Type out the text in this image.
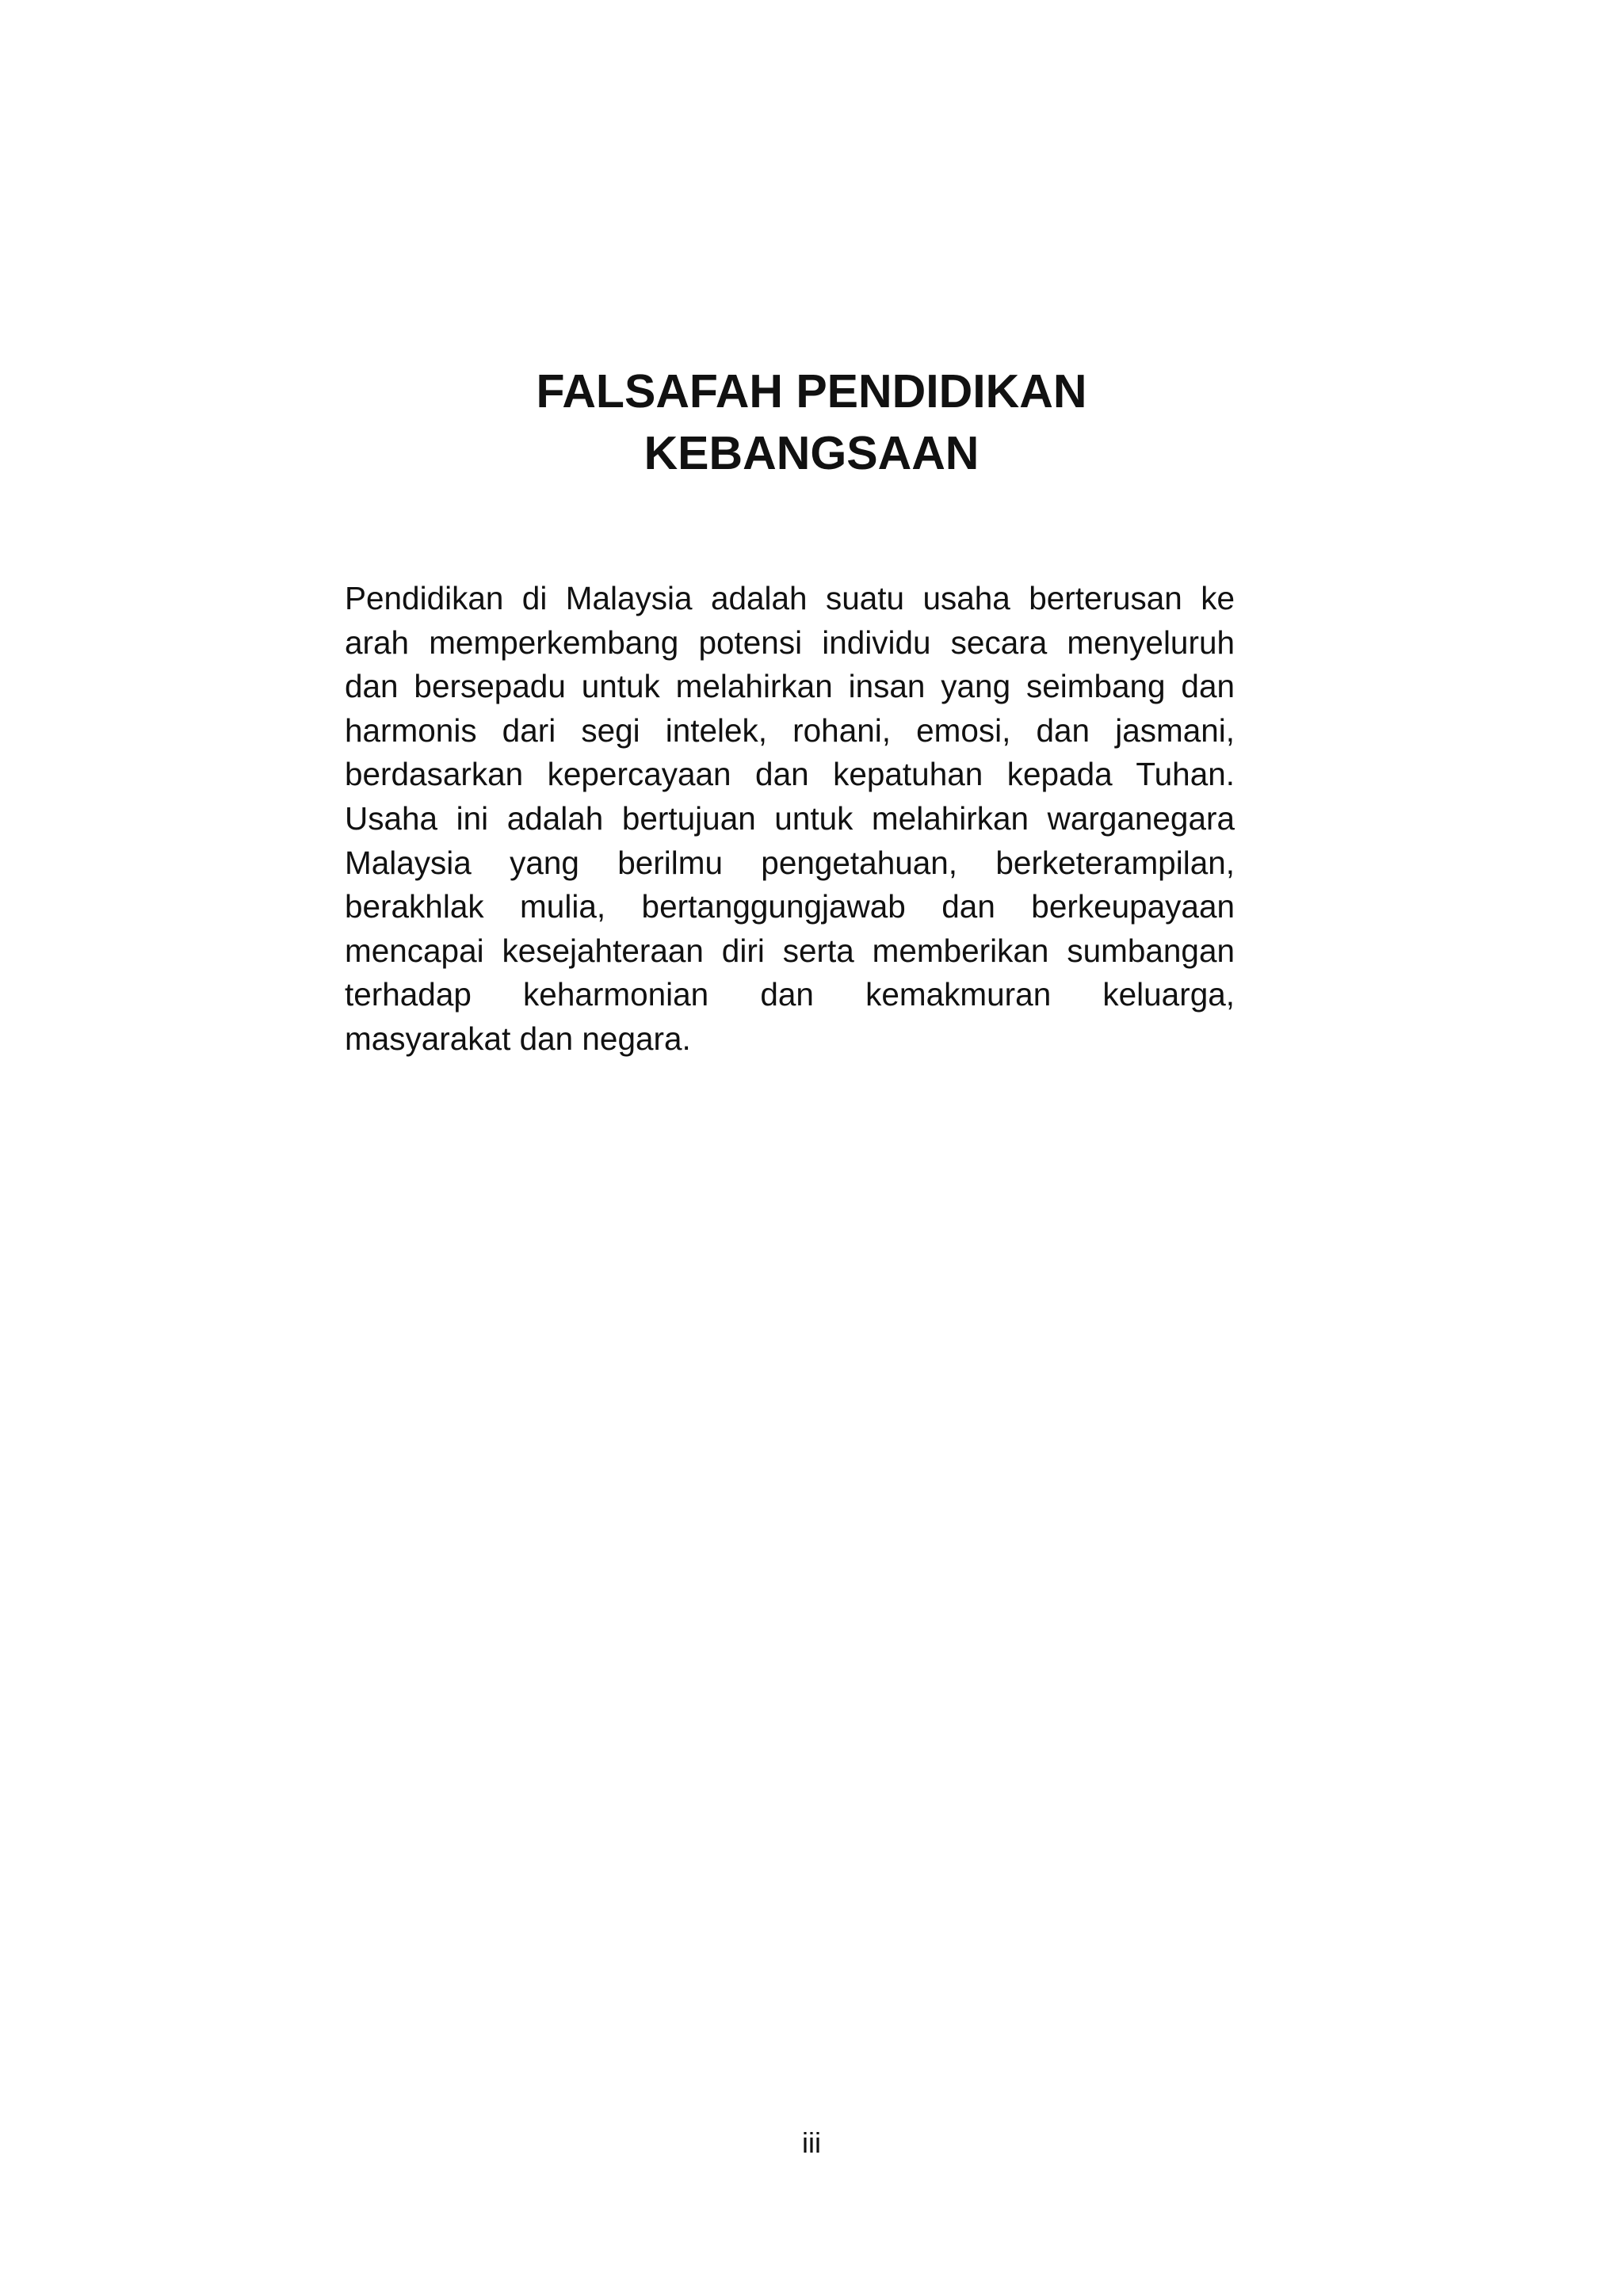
FALSAFAH PENDIDIKAN
KEBANGSAAN

Pendidikan di Malaysia adalah suatu usaha berterusan ke
arah memperkembang potensi individu secara menyeluruh
dan bersepadu untuk melahirkan insan yang seimbang dan
harmonis dari segi intelek, rohani, emosi, dan jasmani,
berdasarkan kepercayaan dan kepatuhan kepada Tuhan.
Usaha ini adalah bertujuan untuk melahirkan warganegara
Malaysia yang berilmu pengetahuan, berketerampilan,
berakhlak mulia, bertanggungjawab dan berkeupayaan
mencapai kesejahteraan diri serta memberikan sumbangan
terhadap keharmonian dan kemakmuran keluarga,
masyarakat dan negara.

iii
